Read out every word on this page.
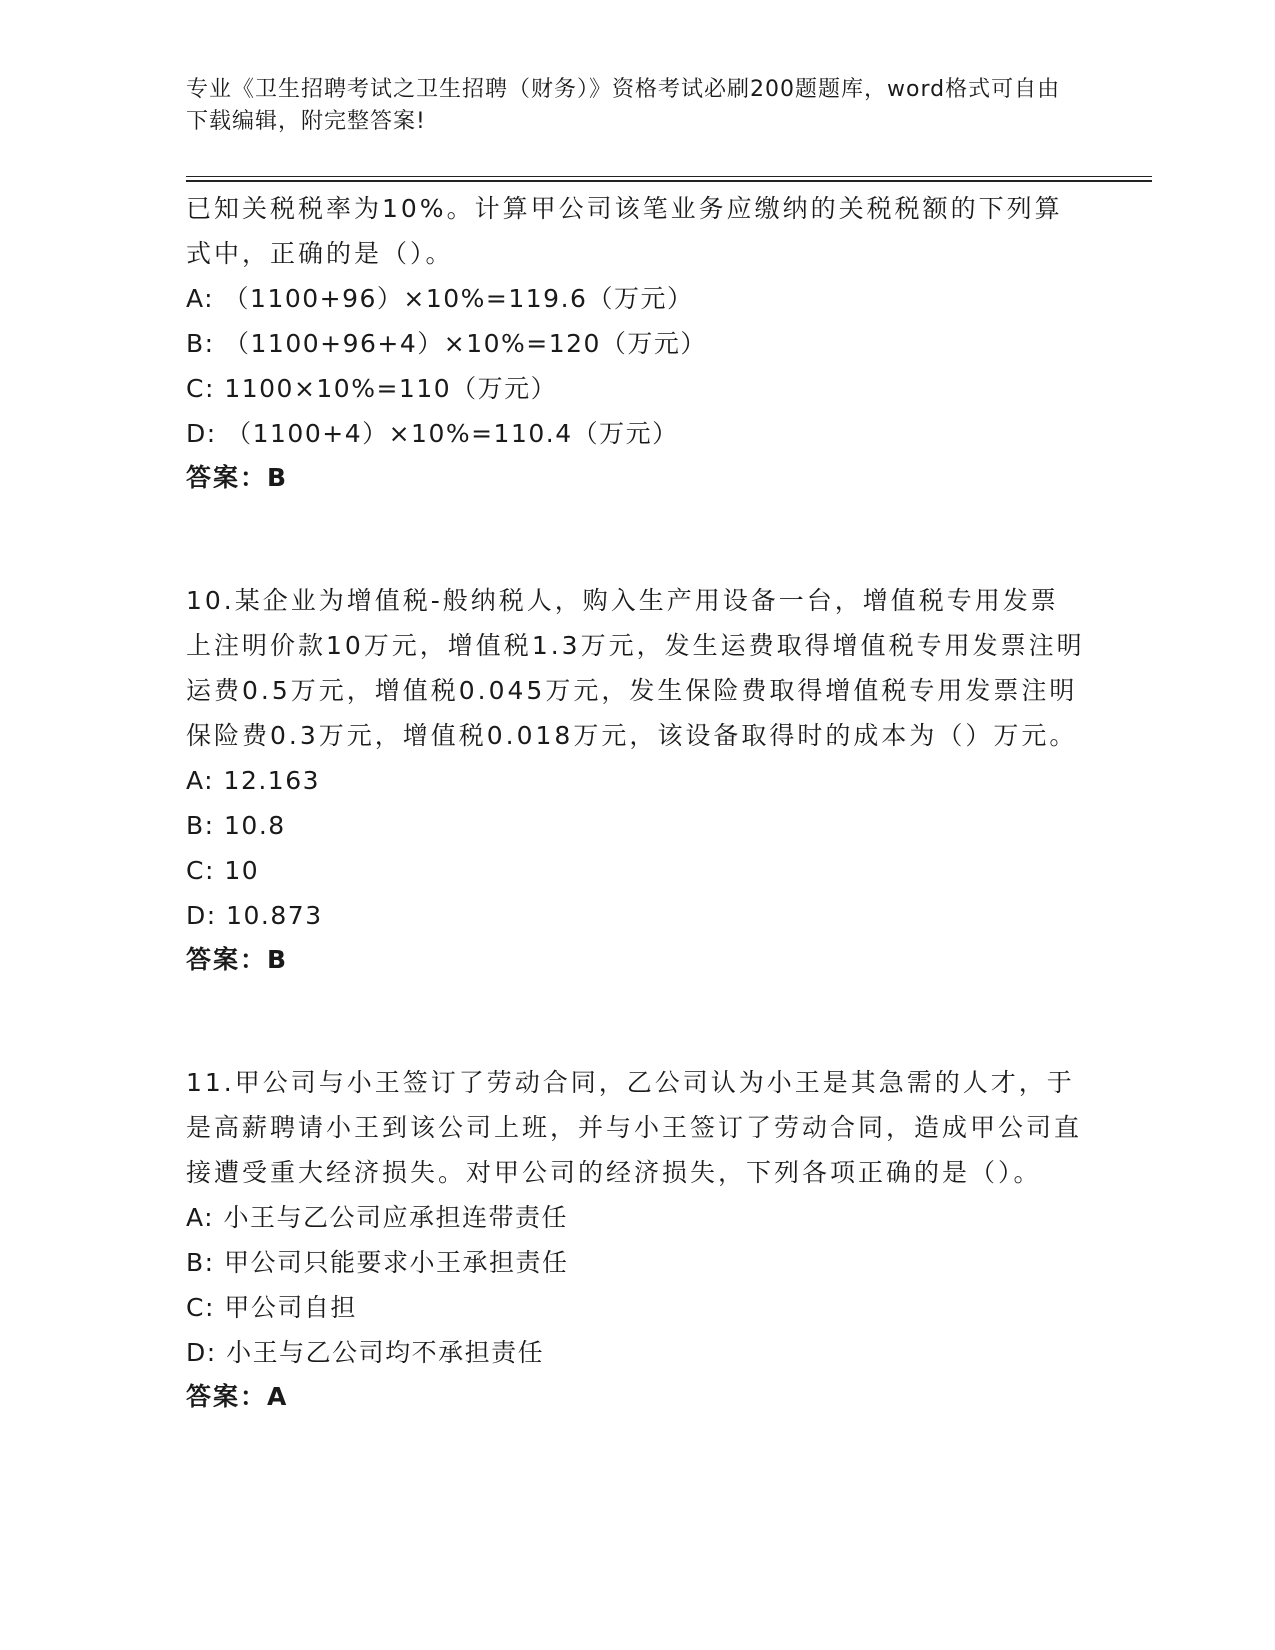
专业《卫生招聘考试之卫生招聘（财务）》资格考试必刷200题题库，word格式可自由下载编辑，附完整答案!

已知关税税率为10%。计算甲公司该笔业务应缴纳的关税税额的下列算式中，正确的是（）。

A: （1100+96）×10%=119.6（万元）

B: （1100+96+4）×10%=120（万元）

C: 1100×10%=110（万元）

D: （1100+4）×10%=110.4（万元）

答案：B

10.某企业为增值税-般纳税人，购入生产用设备一台，增值税专用发票上注明价款10万元，增值税1.3万元，发生运费取得增值税专用发票注明运费0.5万元，增值税0.045万元，发生保险费取得增值税专用发票注明保险费0.3万元，增值税0.018万元，该设备取得时的成本为（）万元。

A: 12.163

B: 10.8

C: 10

D: 10.873

答案：B

11.甲公司与小王签订了劳动合同，乙公司认为小王是其急需的人才，于是高薪聘请小王到该公司上班，并与小王签订了劳动合同，造成甲公司直接遭受重大经济损失。对甲公司的经济损失，下列各项正确的是（）。

A: 小王与乙公司应承担连带责任

B: 甲公司只能要求小王承担责任

C: 甲公司自担

D: 小王与乙公司均不承担责任

答案：A
